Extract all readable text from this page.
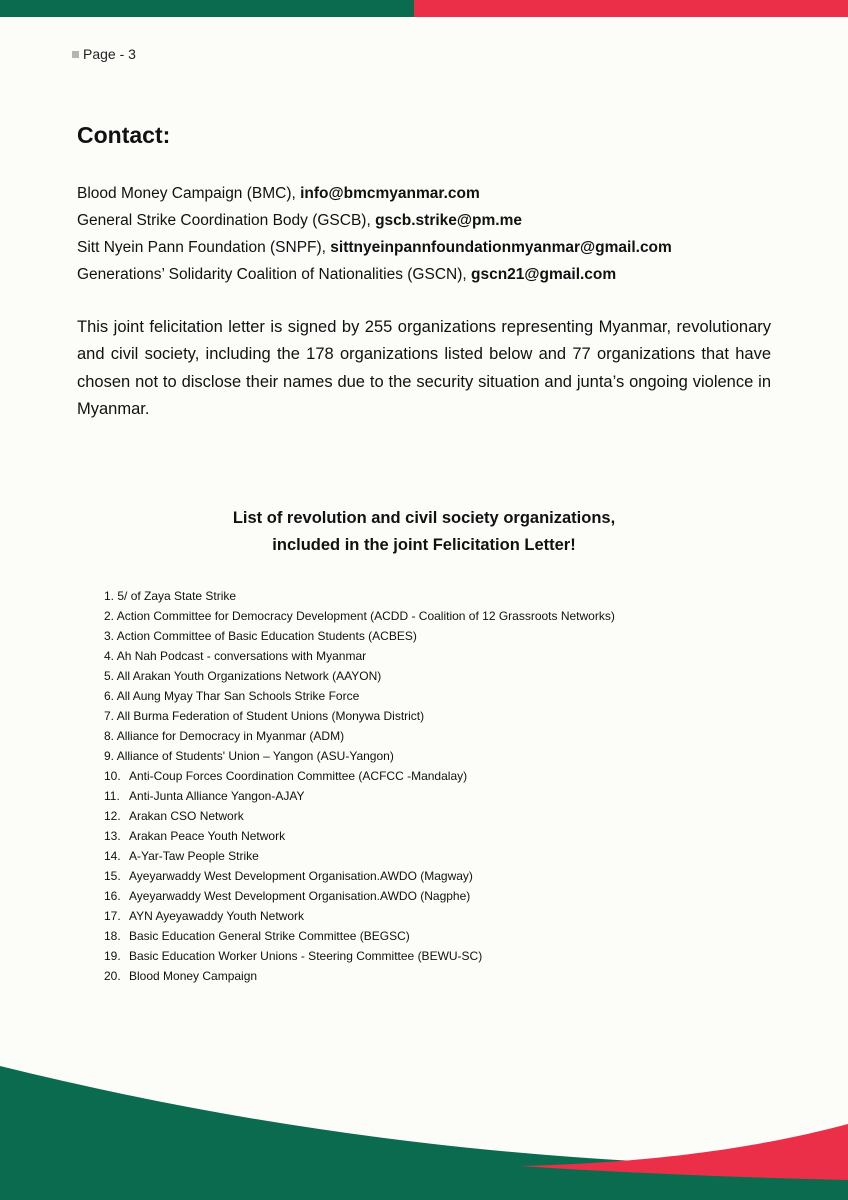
Page - 3
Contact:
Blood Money Campaign (BMC), info@bmcmyanmar.com
General Strike Coordination Body (GSCB), gscb.strike@pm.me
Sitt Nyein Pann Foundation (SNPF), sittnyeinpannfoundationmyanmar@gmail.com
Generations’ Solidarity Coalition of Nationalities (GSCN), gscn21@gmail.com

This joint felicitation letter is signed by 255 organizations representing Myanmar, revolutionary and civil society, including the 178 organizations listed below and 77 organizations that have chosen not to disclose their names due to the security situation and junta’s ongoing violence in Myanmar.

List of revolution and civil society organizations,
included in the joint Felicitation Letter!
1. 5/ of Zaya State Strike
2. Action Committee for Democracy Development (ACDD - Coalition of 12 Grassroots Networks)
3. Action Committee of Basic Education Students (ACBES)
4. Ah Nah Podcast - conversations with Myanmar
5. All Arakan Youth Organizations Network (AAYON)
6. All Aung Myay Thar San Schools Strike Force
7. All Burma Federation of Student Unions (Monywa District)
8. Alliance for Democracy in Myanmar (ADM)
9. Alliance of Students' Union – Yangon (ASU-Yangon)
10. Anti-Coup Forces Coordination Committee (ACFCC -Mandalay)
11. Anti-Junta Alliance Yangon-AJAY
12. Arakan CSO Network
13. Arakan Peace Youth Network
14. A-Yar-Taw People Strike
15. Ayeyarwaddy West Development Organisation.AWDO (Magway)
16. Ayeyarwaddy West Development Organisation.AWDO (Nagphe)
17. AYN Ayeyawaddy Youth Network
18. Basic Education General Strike Committee (BEGSC)
19. Basic Education Worker Unions - Steering Committee (BEWU-SC)
20. Blood Money Campaign
